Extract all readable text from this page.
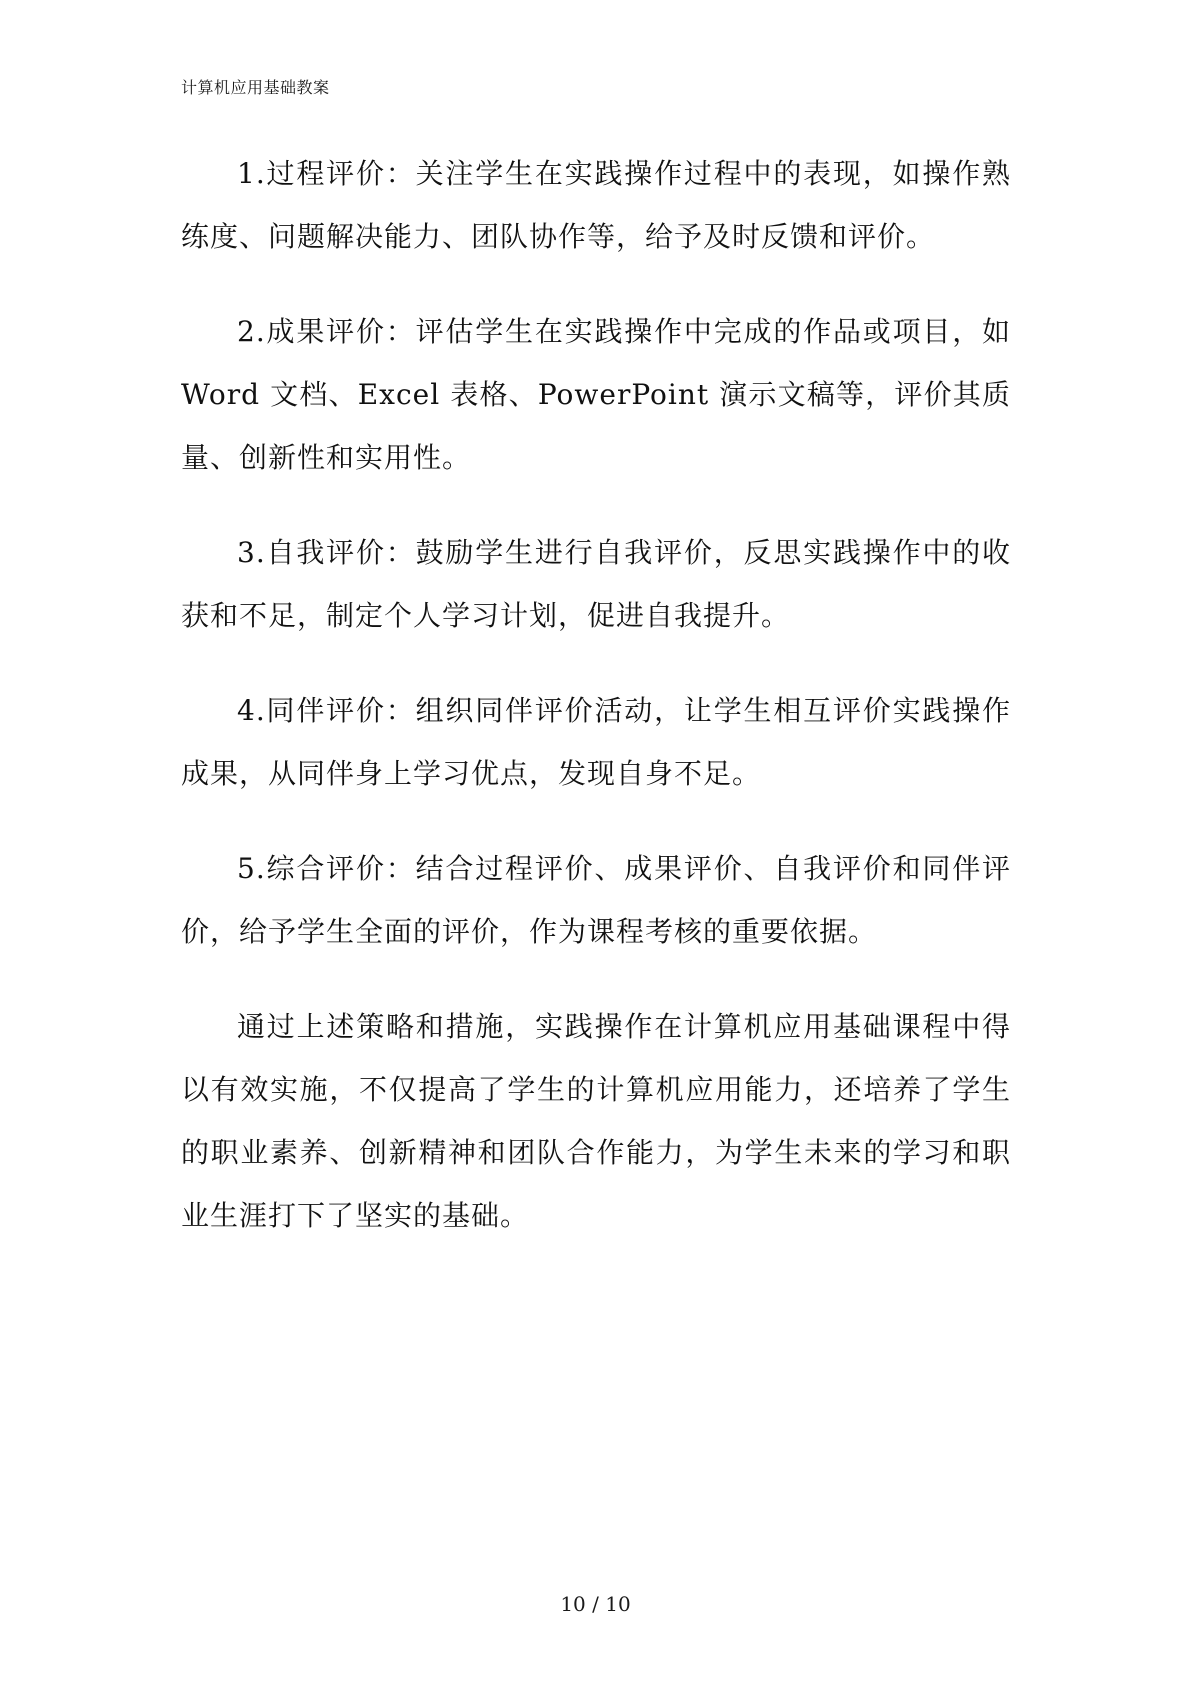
计算机应用基础教案

1.过程评价：关注学生在实践操作过程中的表现，如操作熟练度、问题解决能力、团队协作等，给予及时反馈和评价。

2.成果评价：评估学生在实践操作中完成的作品或项目，如Word 文档、Excel 表格、PowerPoint 演示文稿等，评价其质量、创新性和实用性。

3.自我评价：鼓励学生进行自我评价，反思实践操作中的收获和不足，制定个人学习计划，促进自我提升。

4.同伴评价：组织同伴评价活动，让学生相互评价实践操作成果，从同伴身上学习优点，发现自身不足。

5.综合评价：结合过程评价、成果评价、自我评价和同伴评价，给予学生全面的评价，作为课程考核的重要依据。

通过上述策略和措施，实践操作在计算机应用基础课程中得以有效实施，不仅提高了学生的计算机应用能力，还培养了学生的职业素养、创新精神和团队合作能力，为学生未来的学习和职业生涯打下了坚实的基础。

10 / 10
